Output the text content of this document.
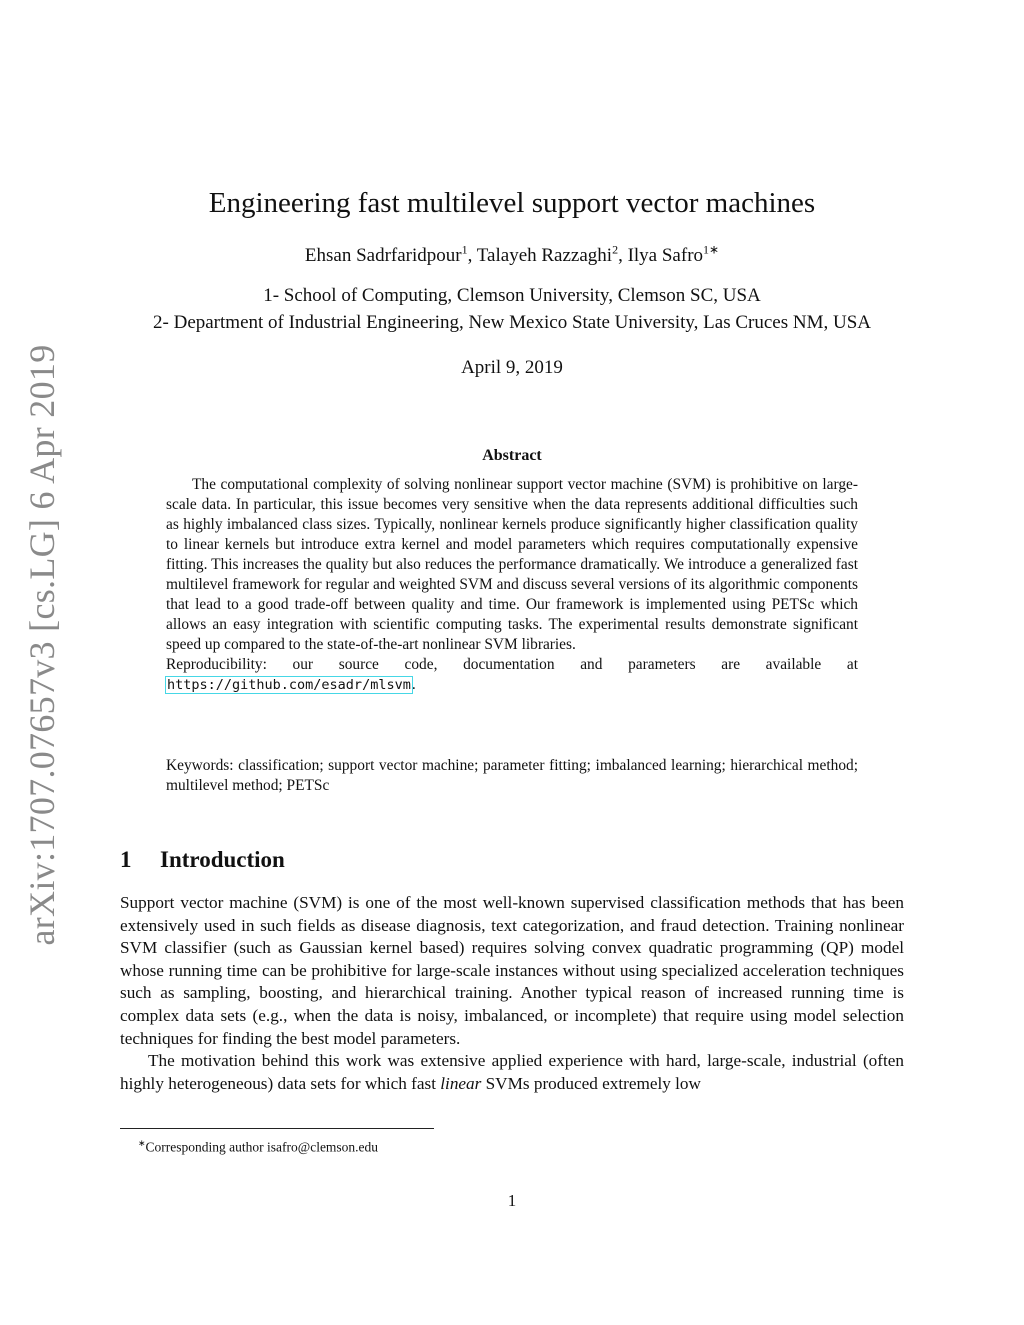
arXiv:1707.07657v3 [cs.LG] 6 Apr 2019
Engineering fast multilevel support vector machines
Ehsan Sadrfaridpour$^1$, Talayeh Razzaghi$^2$, Ilya Safro$^{1∗}$
1- School of Computing, Clemson University, Clemson SC, USA
2- Department of Industrial Engineering, New Mexico State University, Las Cruces NM, USA
April 9, 2019
Abstract

The computational complexity of solving nonlinear support vector machine (SVM) is prohibitive on large-scale data. In particular, this issue becomes very sensitive when the data represents additional difficulties such as highly imbalanced class sizes. Typically, nonlinear kernels produce significantly higher classification quality to linear kernels but introduce extra kernel and model parameters which requires computationally expensive fitting. This increases the quality but also reduces the performance dramatically. We introduce a generalized fast multilevel framework for regular and weighted SVM and discuss several versions of its algorithmic components that lead to a good trade-off between quality and time. Our framework is implemented using PETSc which allows an easy integration with scientific computing tasks. The experimental results demonstrate significant speed up compared to the state-of-the-art nonlinear SVM libraries.

Reproducibility: our source code, documentation and parameters are available at https://github.com/esadr/mlsvm.

Keywords: classification; support vector machine; parameter fitting; imbalanced learning; hierarchical method; multilevel method; PETSc
1 Introduction

Support vector machine (SVM) is one of the most well-known supervised classification methods that has been extensively used in such fields as disease diagnosis, text categorization, and fraud detection. Training nonlinear SVM classifier (such as Gaussian kernel based) requires solving convex quadratic programming (QP) model whose running time can be prohibitive for large-scale instances without using specialized acceleration techniques such as sampling, boosting, and hierarchical training. Another typical reason of increased running time is complex data sets (e.g., when the data is noisy, imbalanced, or incomplete) that require using model selection techniques for finding the best model parameters.

The motivation behind this work was extensive applied experience with hard, large-scale, industrial (often highly heterogeneous) data sets for which fast linear SVMs produced extremely low

∗Corresponding author isafro@clemson.edu
1
